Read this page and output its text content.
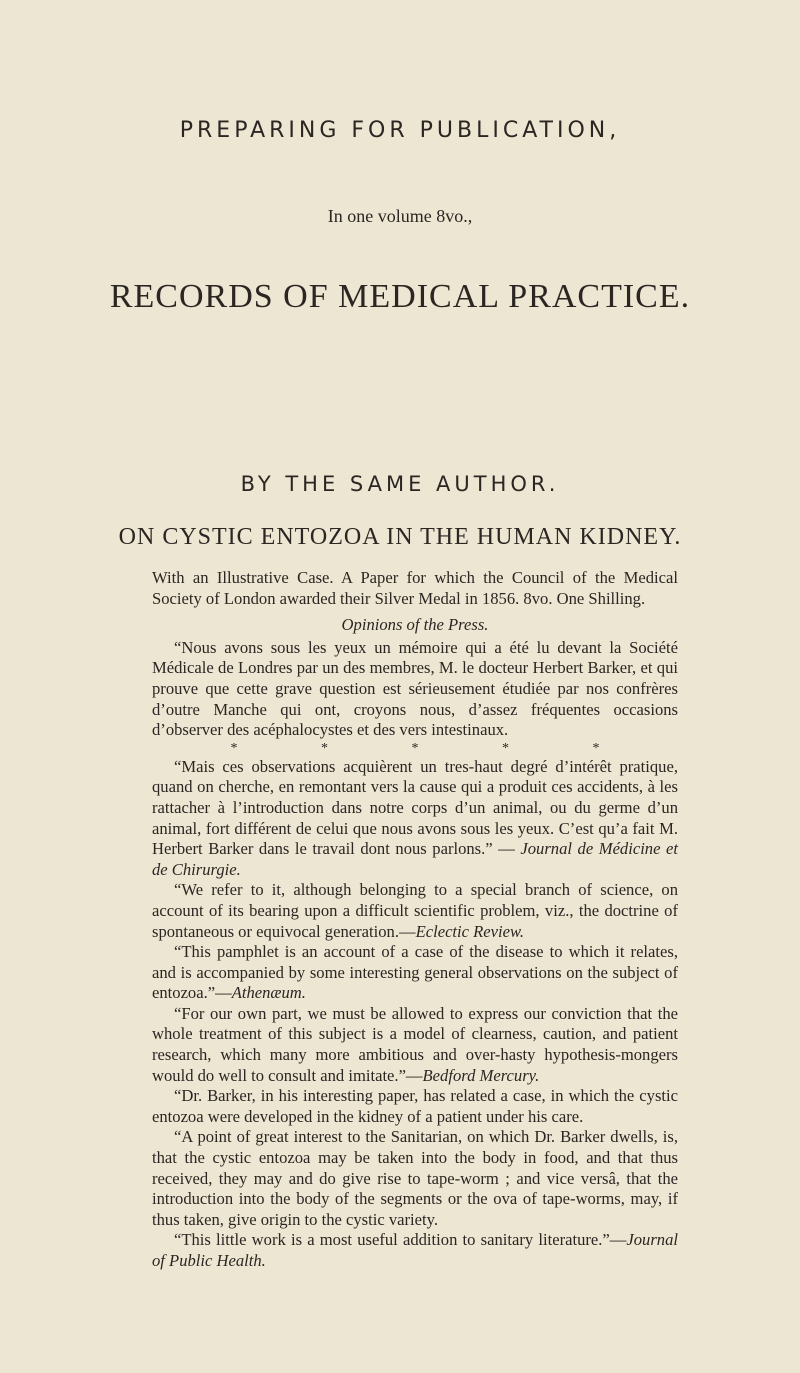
PREPARING FOR PUBLICATION,
In one volume 8vo.,
RECORDS OF MEDICAL PRACTICE.
BY THE SAME AUTHOR.
ON CYSTIC ENTOZOA IN THE HUMAN KIDNEY.

With an Illustrative Case. A Paper for which the Council of the Medical Society of London awarded their Silver Medal in 1856. 8vo. One Shilling.

Opinions of the Press.

“Nous avons sous les yeux un mémoire qui a été lu devant la Société Médicale de Londres par un des membres, M. le docteur Herbert Barker, et qui prouve que cette grave question est sérieusement étudiée par nos confrères d’outre Manche qui ont, croyons nous, d’assez fréquentes occasions d’observer des acéphalocystes et des vers intestinaux.

* * * * *

“Mais ces observations acquièrent un tres-haut degré d’intérêt pratique, quand on cherche, en remontant vers la cause qui a produit ces accidents, à les rattacher à l’introduction dans notre corps d’un animal, ou du germe d’un animal, fort différent de celui que nous avons sous les yeux. C’est qu’a fait M. Herbert Barker dans le travail dont nous parlons.” — Journal de Médicine et de Chirurgie.

“We refer to it, although belonging to a special branch of science, on account of its bearing upon a difficult scientific problem, viz., the doctrine of spontaneous or equivocal generation.—Eclectic Review.

“This pamphlet is an account of a case of the disease to which it relates, and is accompanied by some interesting general observations on the subject of entozoa.”—Athenæum.

“For our own part, we must be allowed to express our conviction that the whole treatment of this subject is a model of clearness, caution, and patient research, which many more ambitious and over-hasty hypothesis-mongers would do well to consult and imitate.”—Bedford Mercury.

“Dr. Barker, in his interesting paper, has related a case, in which the cystic entozoa were developed in the kidney of a patient under his care.

“A point of great interest to the Sanitarian, on which Dr. Barker dwells, is, that the cystic entozoa may be taken into the body in food, and that thus received, they may and do give rise to tape-worm ; and vice versâ, that the introduction into the body of the segments or the ova of tape-worms, may, if thus taken, give origin to the cystic variety.

“This little work is a most useful addition to sanitary literature.”—Journal of Public Health.
